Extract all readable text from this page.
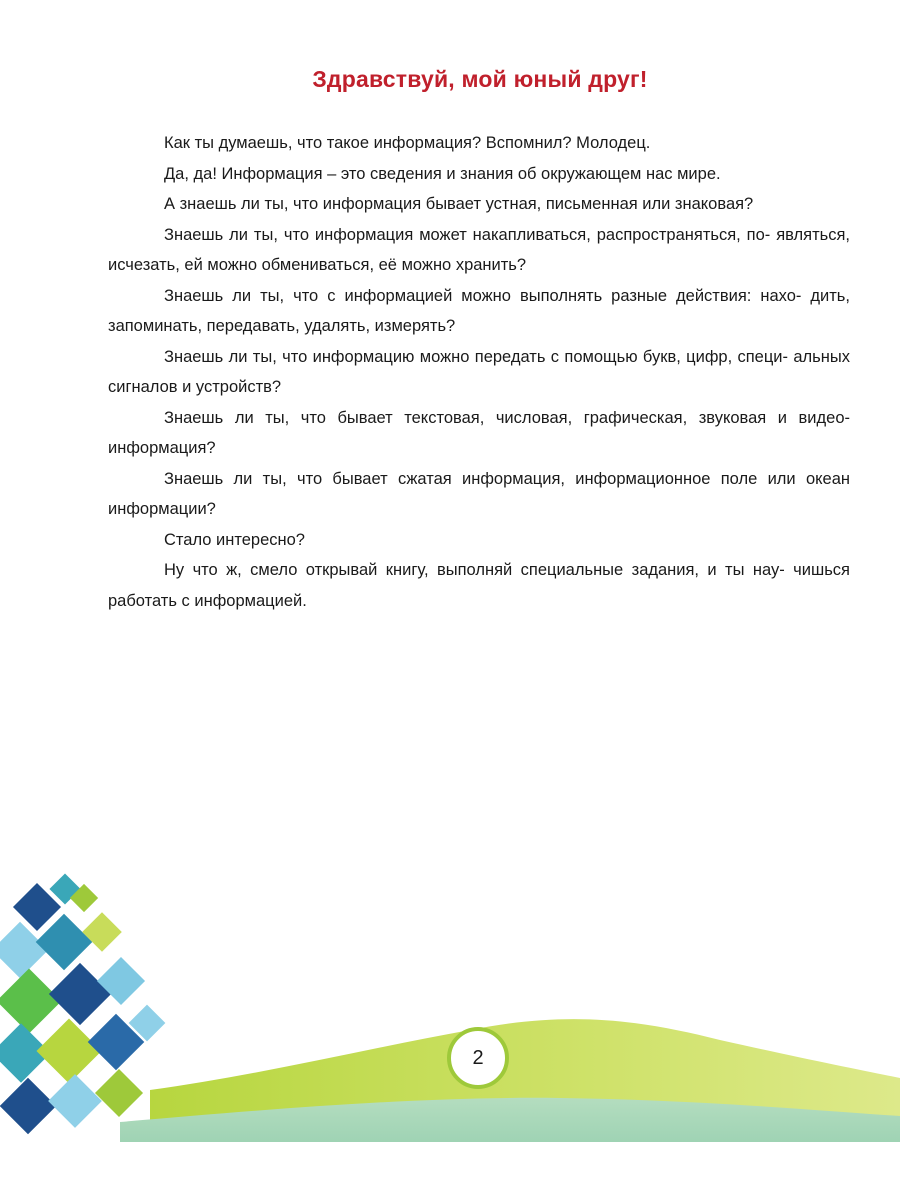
Здравствуй, мой юный друг!

Как ты думаешь, что такое информация? Вспомнил? Молодец.

Да, да! Информация – это сведения и знания об окружающем нас мире.

А знаешь ли ты, что информация бывает устная, письменная или знаковая?

Знаешь ли ты, что информация может накапливаться, распространяться, по- являться, исчезать, ей можно обмениваться, её можно хранить?

Знаешь ли ты, что с информацией можно выполнять разные действия: нахо- дить, запоминать, передавать, удалять, измерять?

Знаешь ли ты, что информацию можно передать с помощью букв, цифр, специ- альных сигналов и устройств?

Знаешь ли ты, что бывает текстовая, числовая, графическая, звуковая и видео- информация?

Знаешь ли ты, что бывает сжатая информация, информационное поле или океан информации?

Стало интересно?

Ну что ж, смело открывай книгу, выполняй специальные задания, и ты нау- чишься работать с информацией.

2
